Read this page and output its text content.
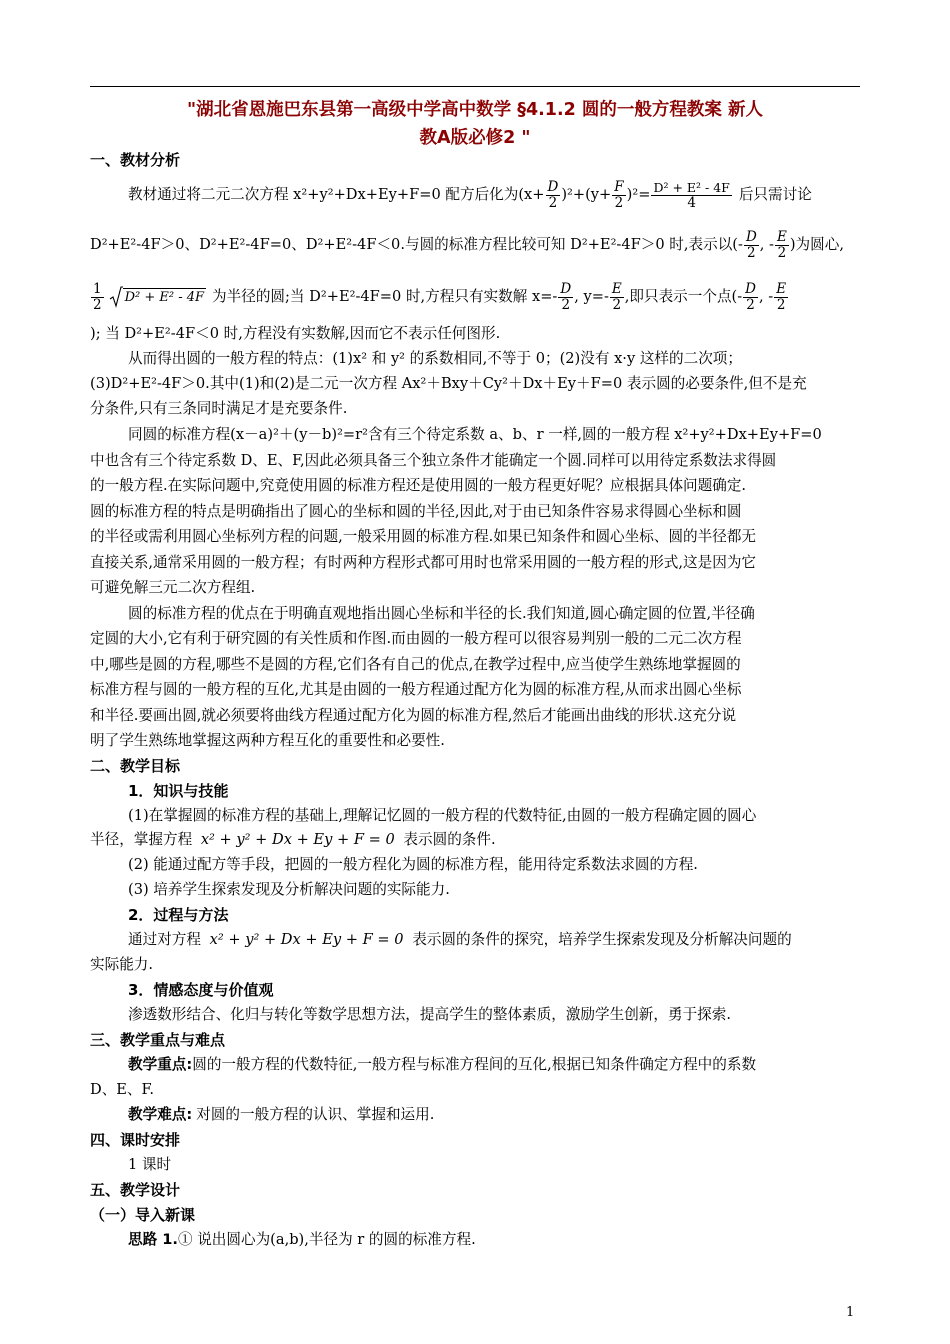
"湖北省恩施巴东县第一高级中学高中数学 §4.1.2 圆的一般方程教案 新人
教A版必修2 "
一、教材分析
教材通过将二元二次方程 x²+y²+Dx+Ey+F=0 配方后化为$(x+ \frac{D}{2} )^2+(y+ \frac{F}{2} )^2= \frac{\text{D² + E² - 4F}}{4}$ 后只需讨论
D²+E²-4F＞0、D²+E²-4F=0、D²+E²-4F＜0.与圆的标准方程比较可知 D²+E²-4F＞0 时,表示以(- $\frac{D}{2}$ , - $\frac{E}{2}$ )为圆心,
$\frac{1}{2} D^2 + E^2 - 4F$ 为半径的圆;当 D²+E²-4F=0 时,方程只有实数解 $x=- \frac{D}{2}$ , $y=- \frac{E}{2}$ ,即只表示一个点(- $\frac{D}{2}$ , - $\frac{E}{2}$
); 当 D²+E²-4F＜0 时,方程没有实数解,因而它不表示任何图形.
从而得出圆的一般方程的特点：(1)x² 和 y² 的系数相同,不等于 0；(2)没有 x·y 这样的二次项；
(3)D²+E²-4F＞0.其中(1)和(2)是二元一次方程 Ax²＋Bxy＋Cy²＋Dx＋Ey＋F=0 表示圆的必要条件,但不是充
分条件,只有三条同时满足才是充要条件.
同圆的标准方程(x－a)²＋(y－b)²=r²含有三个待定系数 a、b、r 一样,圆的一般方程 x²+y²+Dx+Ey+F=0
中也含有三个待定系数 D、E、F,因此必须具备三个独立条件才能确定一个圆.同样可以用待定系数法求得圆
的一般方程.在实际问题中,究竟使用圆的标准方程还是使用圆的一般方程更好呢？应根据具体问题确定.
圆的标准方程的特点是明确指出了圆心的坐标和圆的半径,因此,对于由已知条件容易求得圆心坐标和圆
的半径或需利用圆心坐标列方程的问题,一般采用圆的标准方程.如果已知条件和圆心坐标、圆的半径都无
直接关系,通常采用圆的一般方程；有时两种方程形式都可用时也常采用圆的一般方程的形式,这是因为它
可避免解三元二次方程组.
圆的标准方程的优点在于明确直观地指出圆心坐标和半径的长.我们知道,圆心确定圆的位置,半径确
定圆的大小,它有利于研究圆的有关性质和作图.而由圆的一般方程可以很容易判别一般的二元二次方程
中,哪些是圆的方程,哪些不是圆的方程,它们各有自己的优点,在教学过程中,应当使学生熟练地掌握圆的
标准方程与圆的一般方程的互化,尤其是由圆的一般方程通过配方化为圆的标准方程,从而求出圆心坐标
和半径.要画出圆,就必须要将曲线方程通过配方化为圆的标准方程,然后才能画出曲线的形状.这充分说
明了学生熟练地掌握这两种方程互化的重要性和必要性.
二、教学目标
1．知识与技能
(1)在掌握圆的标准方程的基础上,理解记忆圆的一般方程的代数特征,由圆的一般方程确定圆的圆心
半径，掌握方程 x² + y² + Dx + Ey + F = 0 表示圆的条件.
(2) 能通过配方等手段，把圆的一般方程化为圆的标准方程，能用待定系数法求圆的方程.
(3) 培养学生探索发现及分析解决问题的实际能力.
2．过程与方法
通过对方程 x² + y² + Dx + Ey + F = 0 表示圆的条件的探究，培养学生探索发现及分析解决问题的
实际能力.
3．情感态度与价值观
渗透数形结合、化归与转化等数学思想方法，提高学生的整体素质，激励学生创新，勇于探索.
三、教学重点与难点
教学重点:圆的一般方程的代数特征,一般方程与标准方程间的互化,根据已知条件确定方程中的系数
D、E、F.
教学难点: 对圆的一般方程的认识、掌握和运用.
四、课时安排
1 课时
五、教学设计
（一）导入新课
思路 1.① 说出圆心为(a,b),半径为 r 的圆的标准方程.
1
